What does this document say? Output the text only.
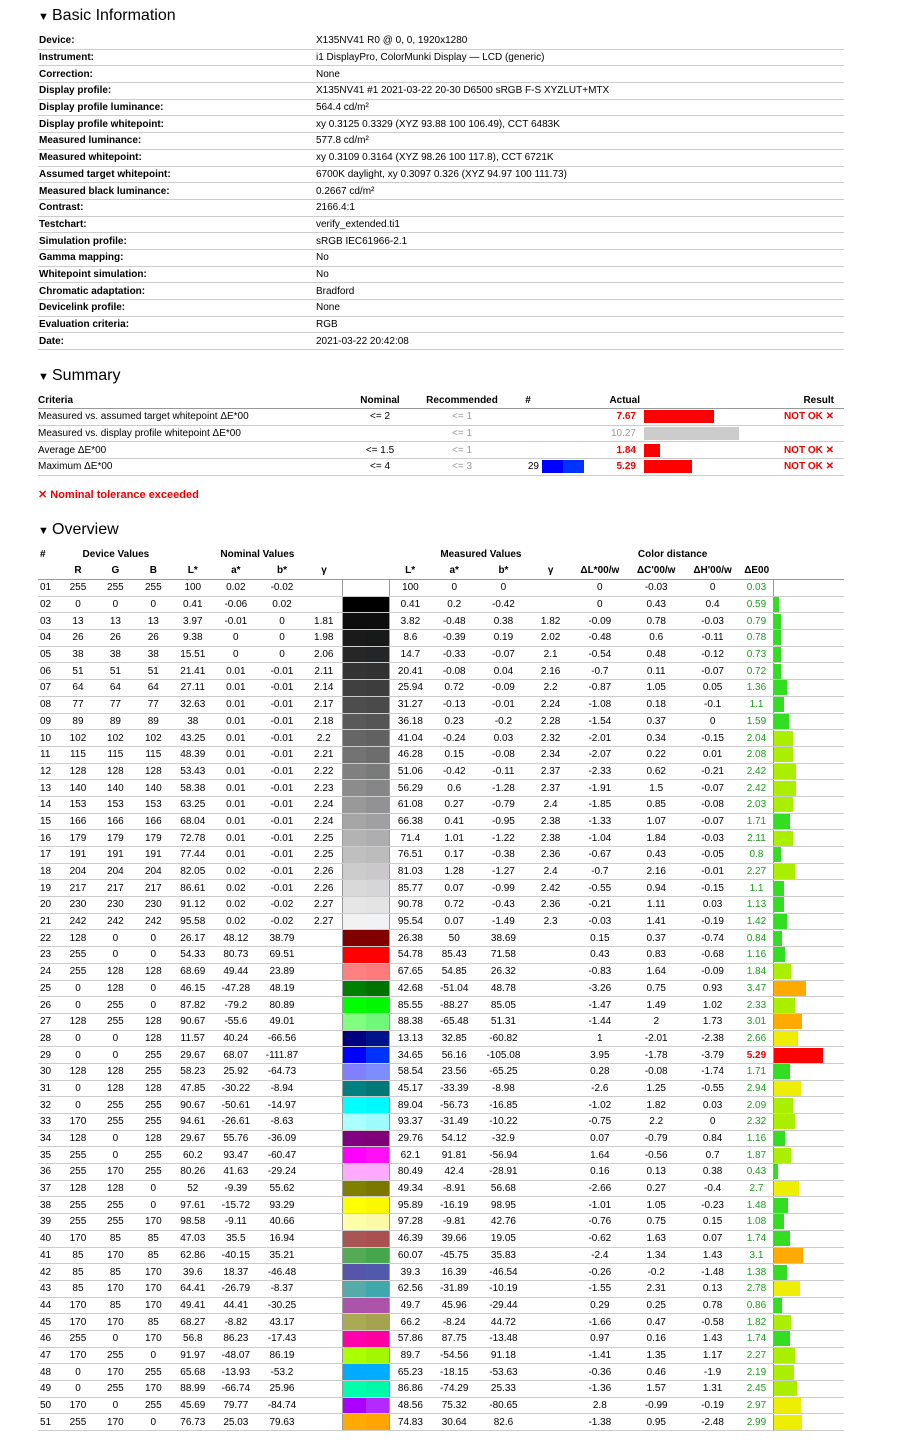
▼ Basic Information
Device:	X135NV41 R0 @ 0, 0, 1920x1280
Instrument:	i1 DisplayPro, ColorMunki Display — LCD (generic)
Correction:	None
Display profile:	X135NV41 #1 2021-03-22 20-30 D6500 sRGB F-S XYZLUT+MTX
Display profile luminance:	564.4 cd/m²
Display profile whitepoint:	xy 0.3125 0.3329 (XYZ 93.88 100 106.49), CCT 6483K
Measured luminance:	577.8 cd/m²
Measured whitepoint:	xy 0.3109 0.3164 (XYZ 98.26 100 117.8), CCT 6721K
Assumed target whitepoint:	6700K daylight, xy 0.3097 0.326 (XYZ 94.97 100 111.73)
Measured black luminance:	0.2667 cd/m²
Contrast:	2166.4:1
Testchart:	verify_extended.ti1
Simulation profile:	sRGB IEC61966-2.1
Gamma mapping:	No
Whitepoint simulation:	No
Chromatic adaptation:	Bradford
Devicelink profile:	None
Evaluation criteria:	RGB
Date:	2021-03-22 20:42:08
▼ Summary
Criteria	Nominal	Recommended	#		Actual		Result
Measured vs. assumed target whitepoint ΔE*00	<= 2	<= 1			7.67		NOT OK ✕
Measured vs. display profile whitepoint ΔE*00		<= 1			10.27		
Average ΔE*00	<= 1.5	<= 1			1.84		NOT OK ✕
Maximum ΔE*00	<= 4	<= 3	29		5.29		NOT OK ✕
✕ Nominal tolerance exceeded
▼ Overview
#	Device Values			Nominal Values					Measured Values				Color distance				
	R	G	B	L*	a*	b*	γ		L*	a*	b*	γ	ΔL*00/w	ΔC'00/w	ΔH'00/w	ΔE00	
01	255	255	255	100	0.02	-0.02			100	0	0		0	-0.03	0	0.03	
02	0	0	0	0.41	-0.06	0.02			0.41	0.2	-0.42		0	0.43	0.4	0.59	
03	13	13	13	3.97	-0.01	0	1.81		3.82	-0.48	0.38	1.82	-0.09	0.78	-0.03	0.79	
04	26	26	26	9.38	0	0	1.98		8.6	-0.39	0.19	2.02	-0.48	0.6	-0.11	0.78	
05	38	38	38	15.51	0	0	2.06		14.7	-0.33	-0.07	2.1	-0.54	0.48	-0.12	0.73	
06	51	51	51	21.41	0.01	-0.01	2.11		20.41	-0.08	0.04	2.16	-0.7	0.11	-0.07	0.72	
07	64	64	64	27.11	0.01	-0.01	2.14		25.94	0.72	-0.09	2.2	-0.87	1.05	0.05	1.36	
08	77	77	77	32.63	0.01	-0.01	2.17		31.27	-0.13	-0.01	2.24	-1.08	0.18	-0.1	1.1	
09	89	89	89	38	0.01	-0.01	2.18		36.18	0.23	-0.2	2.28	-1.54	0.37	0	1.59	
10	102	102	102	43.25	0.01	-0.01	2.2		41.04	-0.24	0.03	2.32	-2.01	0.34	-0.15	2.04	
11	115	115	115	48.39	0.01	-0.01	2.21		46.28	0.15	-0.08	2.34	-2.07	0.22	0.01	2.08	
12	128	128	128	53.43	0.01	-0.01	2.22		51.06	-0.42	-0.11	2.37	-2.33	0.62	-0.21	2.42	
13	140	140	140	58.38	0.01	-0.01	2.23		56.29	0.6	-1.28	2.37	-1.91	1.5	-0.07	2.42	
14	153	153	153	63.25	0.01	-0.01	2.24		61.08	0.27	-0.79	2.4	-1.85	0.85	-0.08	2.03	
15	166	166	166	68.04	0.01	-0.01	2.24		66.38	0.41	-0.95	2.38	-1.33	1.07	-0.07	1.71	
16	179	179	179	72.78	0.01	-0.01	2.25		71.4	1.01	-1.22	2.38	-1.04	1.84	-0.03	2.11	
17	191	191	191	77.44	0.01	-0.01	2.25		76.51	0.17	-0.38	2.36	-0.67	0.43	-0.05	0.8	
18	204	204	204	82.05	0.02	-0.01	2.26		81.03	1.28	-1.27	2.4	-0.7	2.16	-0.01	2.27	
19	217	217	217	86.61	0.02	-0.01	2.26		85.77	0.07	-0.99	2.42	-0.55	0.94	-0.15	1.1	
20	230	230	230	91.12	0.02	-0.02	2.27		90.78	0.72	-0.43	2.36	-0.21	1.11	0.03	1.13	
21	242	242	242	95.58	0.02	-0.02	2.27		95.54	0.07	-1.49	2.3	-0.03	1.41	-0.19	1.42	
22	128	0	0	26.17	48.12	38.79			26.38	50	38.69		0.15	0.37	-0.74	0.84	
23	255	0	0	54.33	80.73	69.51			54.78	85.43	71.58		0.43	0.83	-0.68	1.16	
24	255	128	128	68.69	49.44	23.89			67.65	54.85	26.32		-0.83	1.64	-0.09	1.84	
25	0	128	0	46.15	-47.28	48.19			42.68	-51.04	48.78		-3.26	0.75	0.93	3.47	
26	0	255	0	87.82	-79.2	80.89			85.55	-88.27	85.05		-1.47	1.49	1.02	2.33	
27	128	255	128	90.67	-55.6	49.01			88.38	-65.48	51.31		-1.44	2	1.73	3.01	
28	0	0	128	11.57	40.24	-66.56			13.13	32.85	-60.82		1	-2.01	-2.38	2.66	
29	0	0	255	29.67	68.07	-111.87			34.65	56.16	-105.08		3.95	-1.78	-3.79	5.29	
30	128	128	255	58.23	25.92	-64.73			58.54	23.56	-65.25		0.28	-0.08	-1.74	1.71	
31	0	128	128	47.85	-30.22	-8.94			45.17	-33.39	-8.98		-2.6	1.25	-0.55	2.94	
32	0	255	255	90.67	-50.61	-14.97			89.04	-56.73	-16.85		-1.02	1.82	0.03	2.09	
33	170	255	255	94.61	-26.61	-8.63			93.37	-31.49	-10.22		-0.75	2.2	0	2.32	
34	128	0	128	29.67	55.76	-36.09			29.76	54.12	-32.9		0.07	-0.79	0.84	1.16	
35	255	0	255	60.2	93.47	-60.47			62.1	91.81	-56.94		1.64	-0.56	0.7	1.87	
36	255	170	255	80.26	41.63	-29.24			80.49	42.4	-28.91		0.16	0.13	0.38	0.43	
37	128	128	0	52	-9.39	55.62			49.34	-8.91	56.68		-2.66	0.27	-0.4	2.7	
38	255	255	0	97.61	-15.72	93.29			95.89	-16.19	98.95		-1.01	1.05	-0.23	1.48	
39	255	255	170	98.58	-9.11	40.66			97.28	-9.81	42.76		-0.76	0.75	0.15	1.08	
40	170	85	85	47.03	35.5	16.94			46.39	39.66	19.05		-0.62	1.63	0.07	1.74	
41	85	170	85	62.86	-40.15	35.21			60.07	-45.75	35.83		-2.4	1.34	1.43	3.1	
42	85	85	170	39.6	18.37	-46.48			39.3	16.39	-46.54		-0.26	-0.2	-1.48	1.38	
43	85	170	170	64.41	-26.79	-8.37			62.56	-31.89	-10.19		-1.55	2.31	0.13	2.78	
44	170	85	170	49.41	44.41	-30.25			49.7	45.96	-29.44		0.29	0.25	0.78	0.86	
45	170	170	85	68.27	-8.82	43.17			66.2	-8.24	44.72		-1.66	0.47	-0.58	1.82	
46	255	0	170	56.8	86.23	-17.43			57.86	87.75	-13.48		0.97	0.16	1.43	1.74	
47	170	255	0	91.97	-48.07	86.19			89.7	-54.56	91.18		-1.41	1.35	1.17	2.27	
48	0	170	255	65.68	-13.93	-53.2			65.23	-18.15	-53.63		-0.36	0.46	-1.9	2.19	
49	0	255	170	88.99	-66.74	25.96			86.86	-74.29	25.33		-1.36	1.57	1.31	2.45	
50	170	0	255	45.69	79.77	-84.74			48.56	75.32	-80.65		2.8	-0.99	-0.19	2.97	
51	255	170	0	76.73	25.03	79.63			74.83	30.64	82.6		-1.38	0.95	-2.48	2.99	
